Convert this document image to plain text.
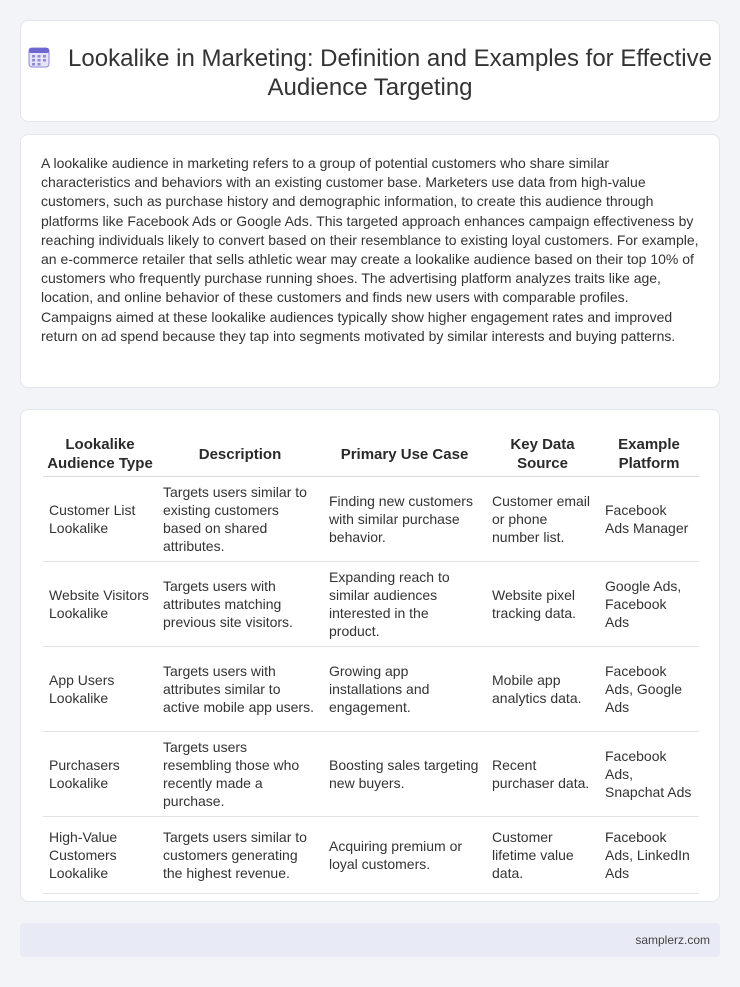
Lookalike in Marketing: Definition and Examples for Effective Audience Targeting

A lookalike audience in marketing refers to a group of potential customers who share similar characteristics and behaviors with an existing customer base. Marketers use data from high-value customers, such as purchase history and demographic information, to create this audience through platforms like Facebook Ads or Google Ads. This targeted approach enhances campaign effectiveness by reaching individuals likely to convert based on their resemblance to existing loyal customers. For example, an e-commerce retailer that sells athletic wear may create a lookalike audience based on their top 10% of customers who frequently purchase running shoes. The advertising platform analyzes traits like age, location, and online behavior of these customers and finds new users with comparable profiles. Campaigns aimed at these lookalike audiences typically show higher engagement rates and improved return on ad spend because they tap into segments motivated by similar interests and buying patterns.

Lookalike Audience Type	Description	Primary Use Case	Key Data Source	Example Platform
Customer List Lookalike	Targets users similar to existing customers based on shared attributes.	Finding new customers with similar purchase behavior.	Customer email or phone number list.	Facebook Ads Manager
Website Visitors Lookalike	Targets users with attributes matching previous site visitors.	Expanding reach to similar audiences interested in the product.	Website pixel tracking data.	Google Ads, Facebook Ads
App Users Lookalike	Targets users with attributes similar to active mobile app users.	Growing app installations and engagement.	Mobile app analytics data.	Facebook Ads, Google Ads
Purchasers Lookalike	Targets users resembling those who recently made a purchase.	Boosting sales targeting new buyers.	Recent purchaser data.	Facebook Ads, Snapchat Ads
High-Value Customers Lookalike	Targets users similar to customers generating the highest revenue.	Acquiring premium or loyal customers.	Customer lifetime value data.	Facebook Ads, LinkedIn Ads
samplerz.com
